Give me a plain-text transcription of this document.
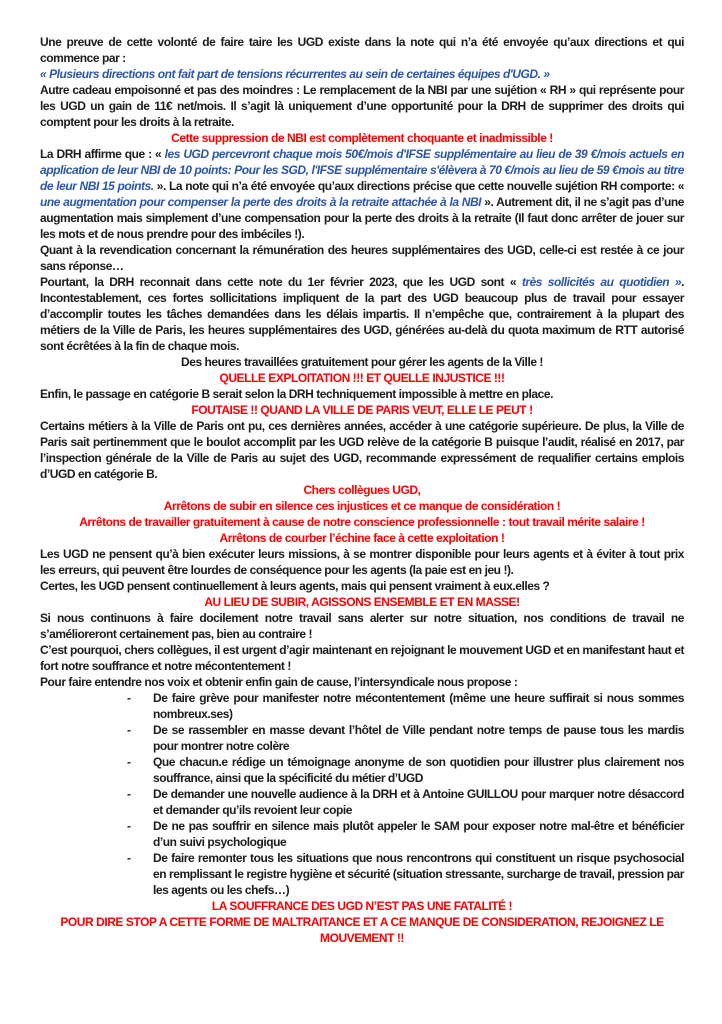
Une preuve de cette volonté de faire taire les UGD existe dans la note qui n’a été envoyée qu’aux directions et qui commence par :

« Plusieurs directions ont fait part de tensions récurrentes au sein de certaines équipes d'UGD. »

Autre cadeau empoisonné et pas des moindres : Le remplacement de la NBI par une sujétion « RH » qui représente pour les UGD un gain de 11€ net/mois. Il s’agit là uniquement d’une opportunité pour la DRH de supprimer des droits qui comptent pour les droits à la retraite.

Cette suppression de NBI est complètement choquante et inadmissible !

La DRH affirme que : « les UGD percevront chaque mois 50€/mois d'IFSE supplémentaire au lieu de 39 €/mois actuels en application de leur NBI de 10 points: Pour les SGD, l'IFSE supplémentaire s'élèvera à 70 €/mois au lieu de 59 €mois au titre de leur NBI 15 points. ». La note qui n’a été envoyée qu’aux directions précise que cette nouvelle sujétion RH comporte: « une augmentation pour compenser la perte des droits à la retraite attachée à la NBI ». Autrement dit, il ne s’agit pas d’une augmentation mais simplement d’une compensation pour la perte des droits à la retraite (Il faut donc arrêter de jouer sur les mots et de nous prendre pour des imbéciles !).

Quant à la revendication concernant la rémunération des heures supplémentaires des UGD, celle-ci est restée à ce jour sans réponse…

Pourtant, la DRH reconnait dans cette note du 1er février 2023, que les UGD sont « très sollicités au quotidien ». Incontestablement, ces fortes sollicitations impliquent de la part des UGD beaucoup plus de travail pour essayer d’accomplir toutes les tâches demandées dans les délais impartis. Il n’empêche que, contrairement à la plupart des métiers de la Ville de Paris, les heures supplémentaires des UGD, générées au-delà du quota maximum de RTT autorisé sont écrêtées à la fin de chaque mois.

Des heures travaillées gratuitement pour gérer les agents de la Ville !

QUELLE EXPLOITATION !!! ET QUELLE INJUSTICE !!!

Enfin, le passage en catégorie B serait selon la DRH techniquement impossible à mettre en place.

FOUTAISE !! QUAND LA VILLE DE PARIS VEUT, ELLE LE PEUT !

Certains métiers à la Ville de Paris ont pu, ces dernières années, accéder à une catégorie supérieure. De plus, la Ville de Paris sait pertinemment que le boulot accomplit par les UGD relève de la catégorie B puisque l’audit, réalisé en 2017, par l’inspection générale de la Ville de Paris au sujet des UGD, recommande expressément de requalifier certains emplois d’UGD en catégorie B.

Chers collègues UGD,

Arrêtons de subir en silence ces injustices et ce manque de considération !

Arrêtons de travailler gratuitement à cause de notre conscience professionnelle : tout travail mérite salaire !

Arrêtons de courber l’échine face à cette exploitation !

Les UGD ne pensent qu’à bien exécuter leurs missions, à se montrer disponible pour leurs agents et à éviter à tout prix les erreurs, qui peuvent être lourdes de conséquence pour les agents (la paie est en jeu !).

Certes, les UGD pensent continuellement à leurs agents, mais qui pensent vraiment à eux.elles ?

AU LIEU DE SUBIR, AGISSONS ENSEMBLE ET EN MASSE!

Si nous continuons à faire docilement notre travail sans alerter sur notre situation, nos conditions de travail ne s’amélioreront certainement pas, bien au contraire !

C’est pourquoi, chers collègues, il est urgent d’agir maintenant en rejoignant le mouvement UGD et en manifestant haut et fort notre souffrance et notre mécontentement !

Pour faire entendre nos voix et obtenir enfin gain de cause, l’intersyndicale nous propose :

-	De faire grève pour manifester notre mécontentement (même une heure suffirait si nous sommes nombreux.ses)
-	De se rassembler en masse devant l’hôtel de Ville pendant notre temps de pause tous les mardis pour montrer notre colère
-	Que chacun.e rédige un témoignage anonyme de son quotidien pour illustrer plus clairement nos souffrance, ainsi que la spécificité du métier d’UGD
-	De demander une nouvelle audience à la DRH et à Antoine GUILLOU pour marquer notre désaccord et demander qu’ils revoient leur copie
-	De ne pas souffrir en silence mais plutôt appeler le SAM pour exposer notre mal-être et bénéficier d’un suivi psychologique
-	De faire remonter tous les situations que nous rencontrons qui constituent un risque psychosocial en remplissant le registre hygiène et sécurité (situation stressante, surcharge de travail, pression par les agents ou les chefs…)

LA SOUFFRANCE DES UGD N’EST PAS UNE FATALITÉ !

POUR DIRE STOP A CETTE FORME DE MALTRAITANCE ET A CE MANQUE DE CONSIDERATION, REJOIGNEZ LE MOUVEMENT !!
